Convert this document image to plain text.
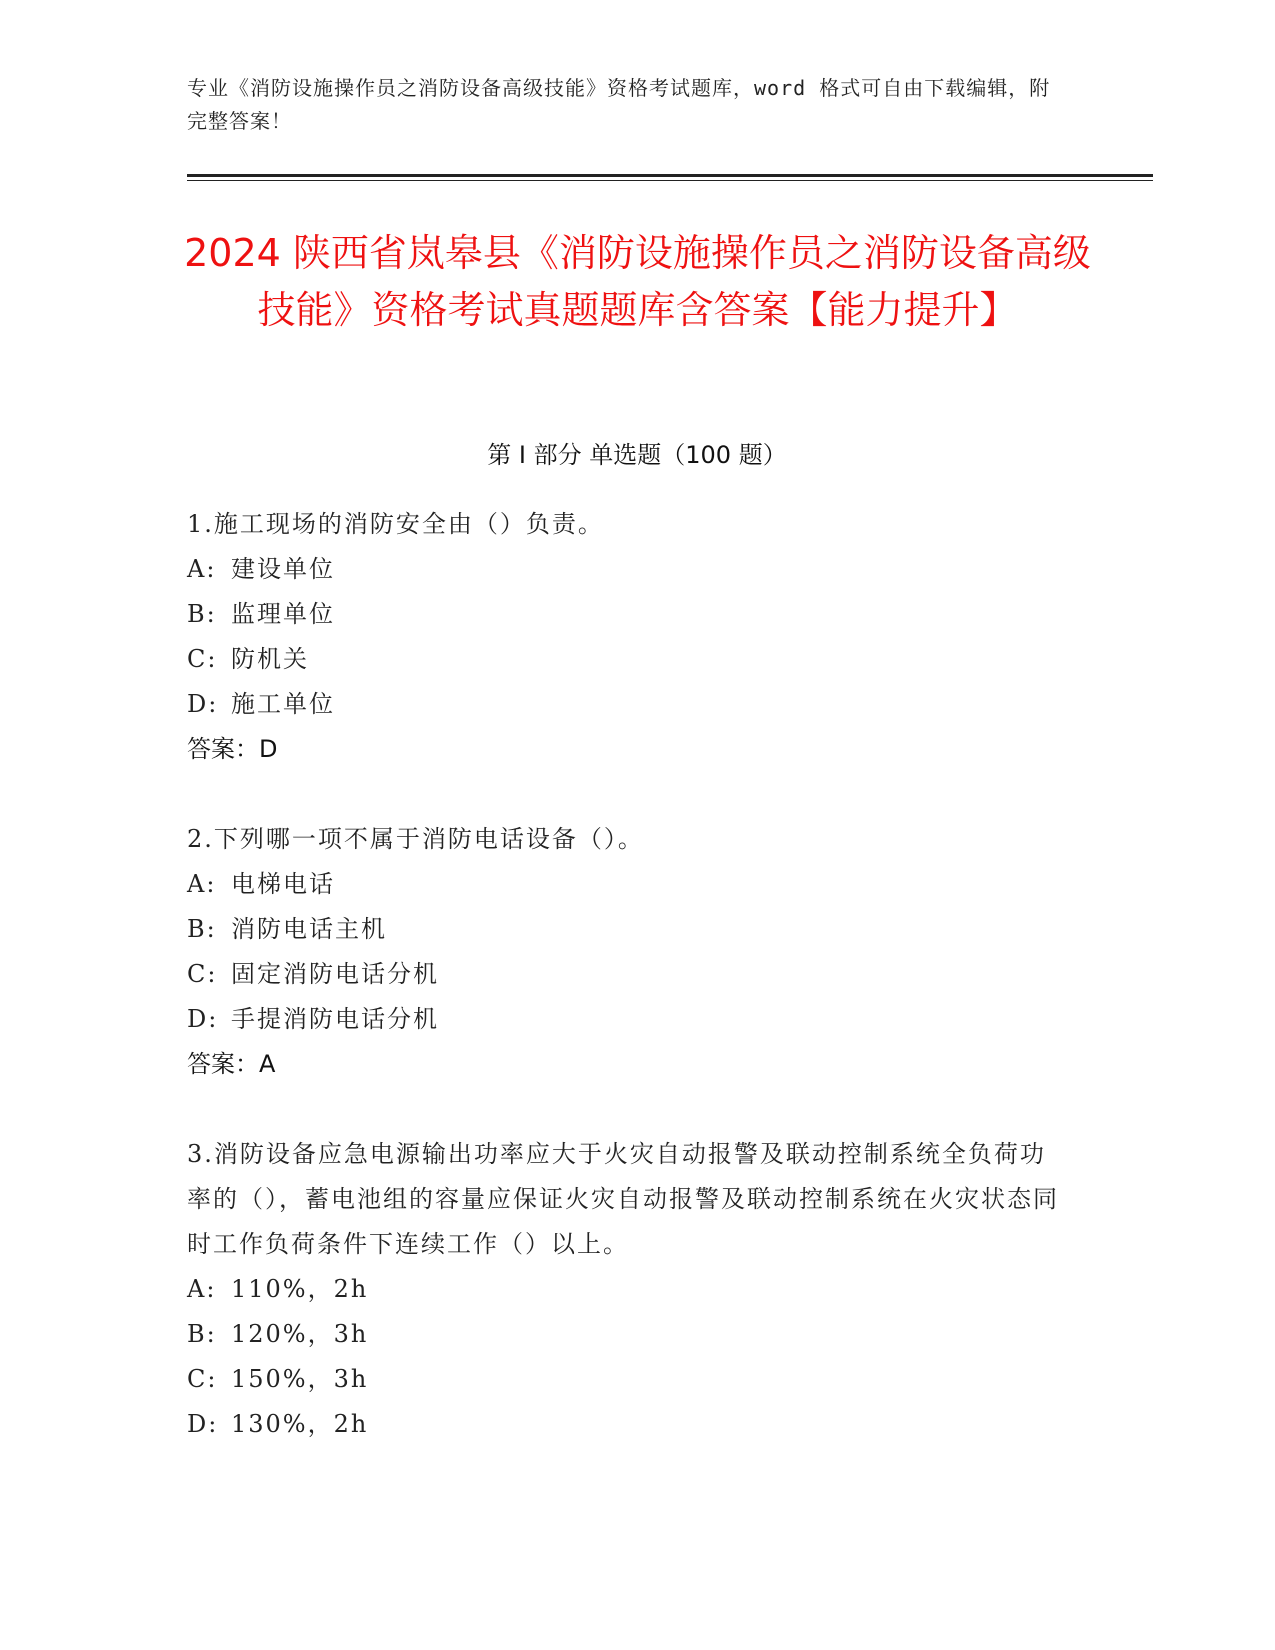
专业《消防设施操作员之消防设备高级技能》资格考试题库，word 格式可自由下载编辑，附完整答案！
2024 陕西省岚皋县《消防设施操作员之消防设备高级技能》资格考试真题题库含答案【能力提升】
第 I 部分 单选题（100 题）
1.施工现场的消防安全由（）负责。
A: 建设单位
B: 监理单位
C: 防机关
D: 施工单位
答案：D
2.下列哪一项不属于消防电话设备（）。
A: 电梯电话
B: 消防电话主机
C: 固定消防电话分机
D: 手提消防电话分机
答案：A
3.消防设备应急电源输出功率应大于火灾自动报警及联动控制系统全负荷功率的（），蓄电池组的容量应保证火灾自动报警及联动控制系统在火灾状态同时工作负荷条件下连续工作（）以上。
A: 110%，2h
B: 120%，3h
C: 150%，3h
D: 130%，2h
